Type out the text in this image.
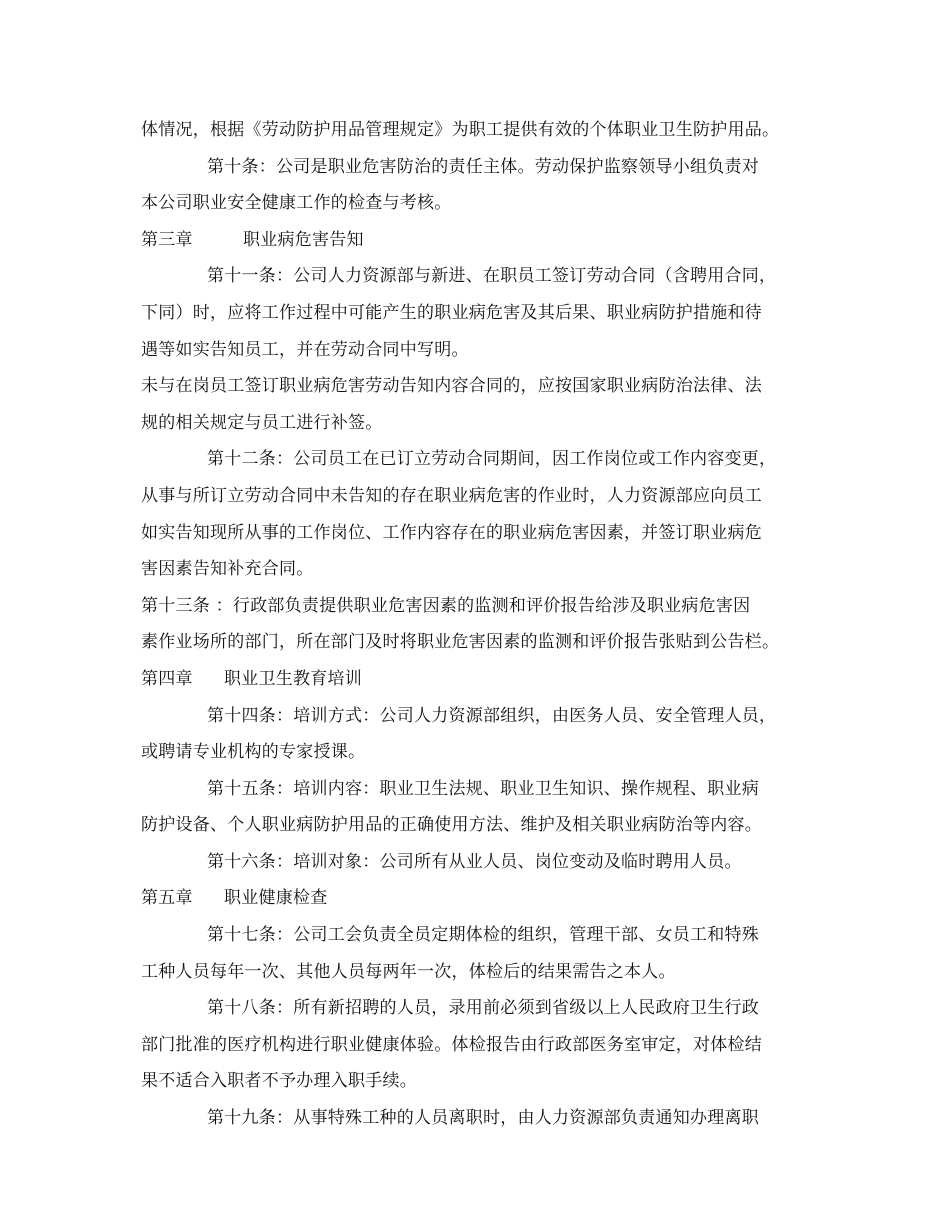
体情况，根据《劳动防护用品管理规定》为职工提供有效的个体职业卫生防护用品。
第十条：公司是职业危害防治的责任主体。劳动保护监察领导小组负责对
本公司职业安全健康工作的检查与考核。
第三章	职业病危害告知
第十一条：公司人力资源部与新进、在职员工签订劳动合同（含聘用合同，
下同）时，应将工作过程中可能产生的职业病危害及其后果、职业病防护措施和待
遇等如实告知员工，并在劳动合同中写明。
未与在岗员工签订职业病危害劳动告知内容合同的，应按国家职业病防治法律、法
规的相关规定与员工进行补签。
第十二条：公司员工在已订立劳动合同期间，因工作岗位或工作内容变更，
从事与所订立劳动合同中未告知的存在职业病危害的作业时，人力资源部应向员工
如实告知现所从事的工作岗位、工作内容存在的职业病危害因素，并签订职业病危
害因素告知补充合同。
第十三条 ：行政部负责提供职业危害因素的监测和评价报告给涉及职业病危害因
素作业场所的部门，所在部门及时将职业危害因素的监测和评价报告张贴到公告栏。
第四章 职业卫生教育培训
第十四条：培训方式：公司人力资源部组织，由医务人员、安全管理人员，
或聘请专业机构的专家授课。
第十五条：培训内容：职业卫生法规、职业卫生知识、操作规程、职业病
防护设备、个人职业病防护用品的正确使用方法、维护及相关职业病防治等内容。
第十六条：培训对象：公司所有从业人员、岗位变动及临时聘用人员。
第五章 职业健康检查
第十七条：公司工会负责全员定期体检的组织，管理干部、女员工和特殊
工种人员每年一次、其他人员每两年一次，体检后的结果需告之本人。
第十八条：所有新招聘的人员，录用前必须到省级以上人民政府卫生行政
部门批准的医疗机构进行职业健康体验。体检报告由行政部医务室审定，对体检结
果不适合入职者不予办理入职手续。
第十九条：从事特殊工种的人员离职时，由人力资源部负责通知办理离职
